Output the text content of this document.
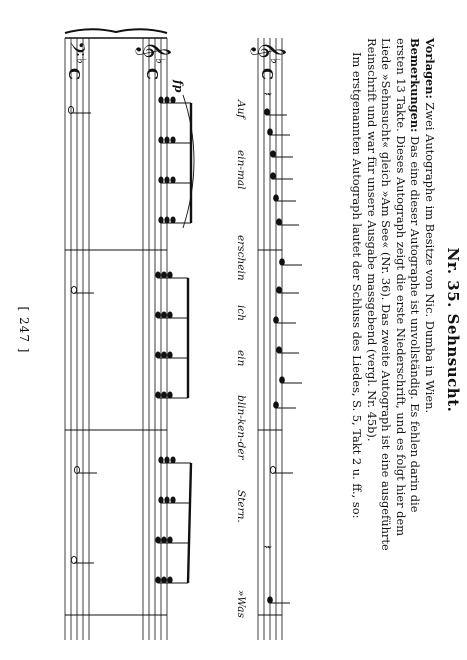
Nr. 35. Sehnsucht.

Vorlagen: Zwei Autographe im Besitze von Nic. Dumba in Wien.

Bemerkungen: Das eine dieser Autographe ist unvollständig. Es fehlen darin die

ersten 13 Takte. Dieses Autograph zeigt die erste Niederschrift, und es folgt hier dem

Liede »Sehnsucht« gleich »Am See« (Nr. 36). Das zweite Autograph ist eine ausgeführte

Reinschrift und war für unsere Ausgabe massgebend (vergl. Nr. 45b).

Im erstgenannten Autograph lautet der Schluss des Liedes, S. 5, Takt 2 u. ff., so:

𝄞
𝄞
𝄢
♭
♭
♭
C
C
C
fp
𝄽
𝄽
Auf
ein-mal
erschein
ich
ein
blin-ken-der
Stern.
»Was
[ 247 ]
